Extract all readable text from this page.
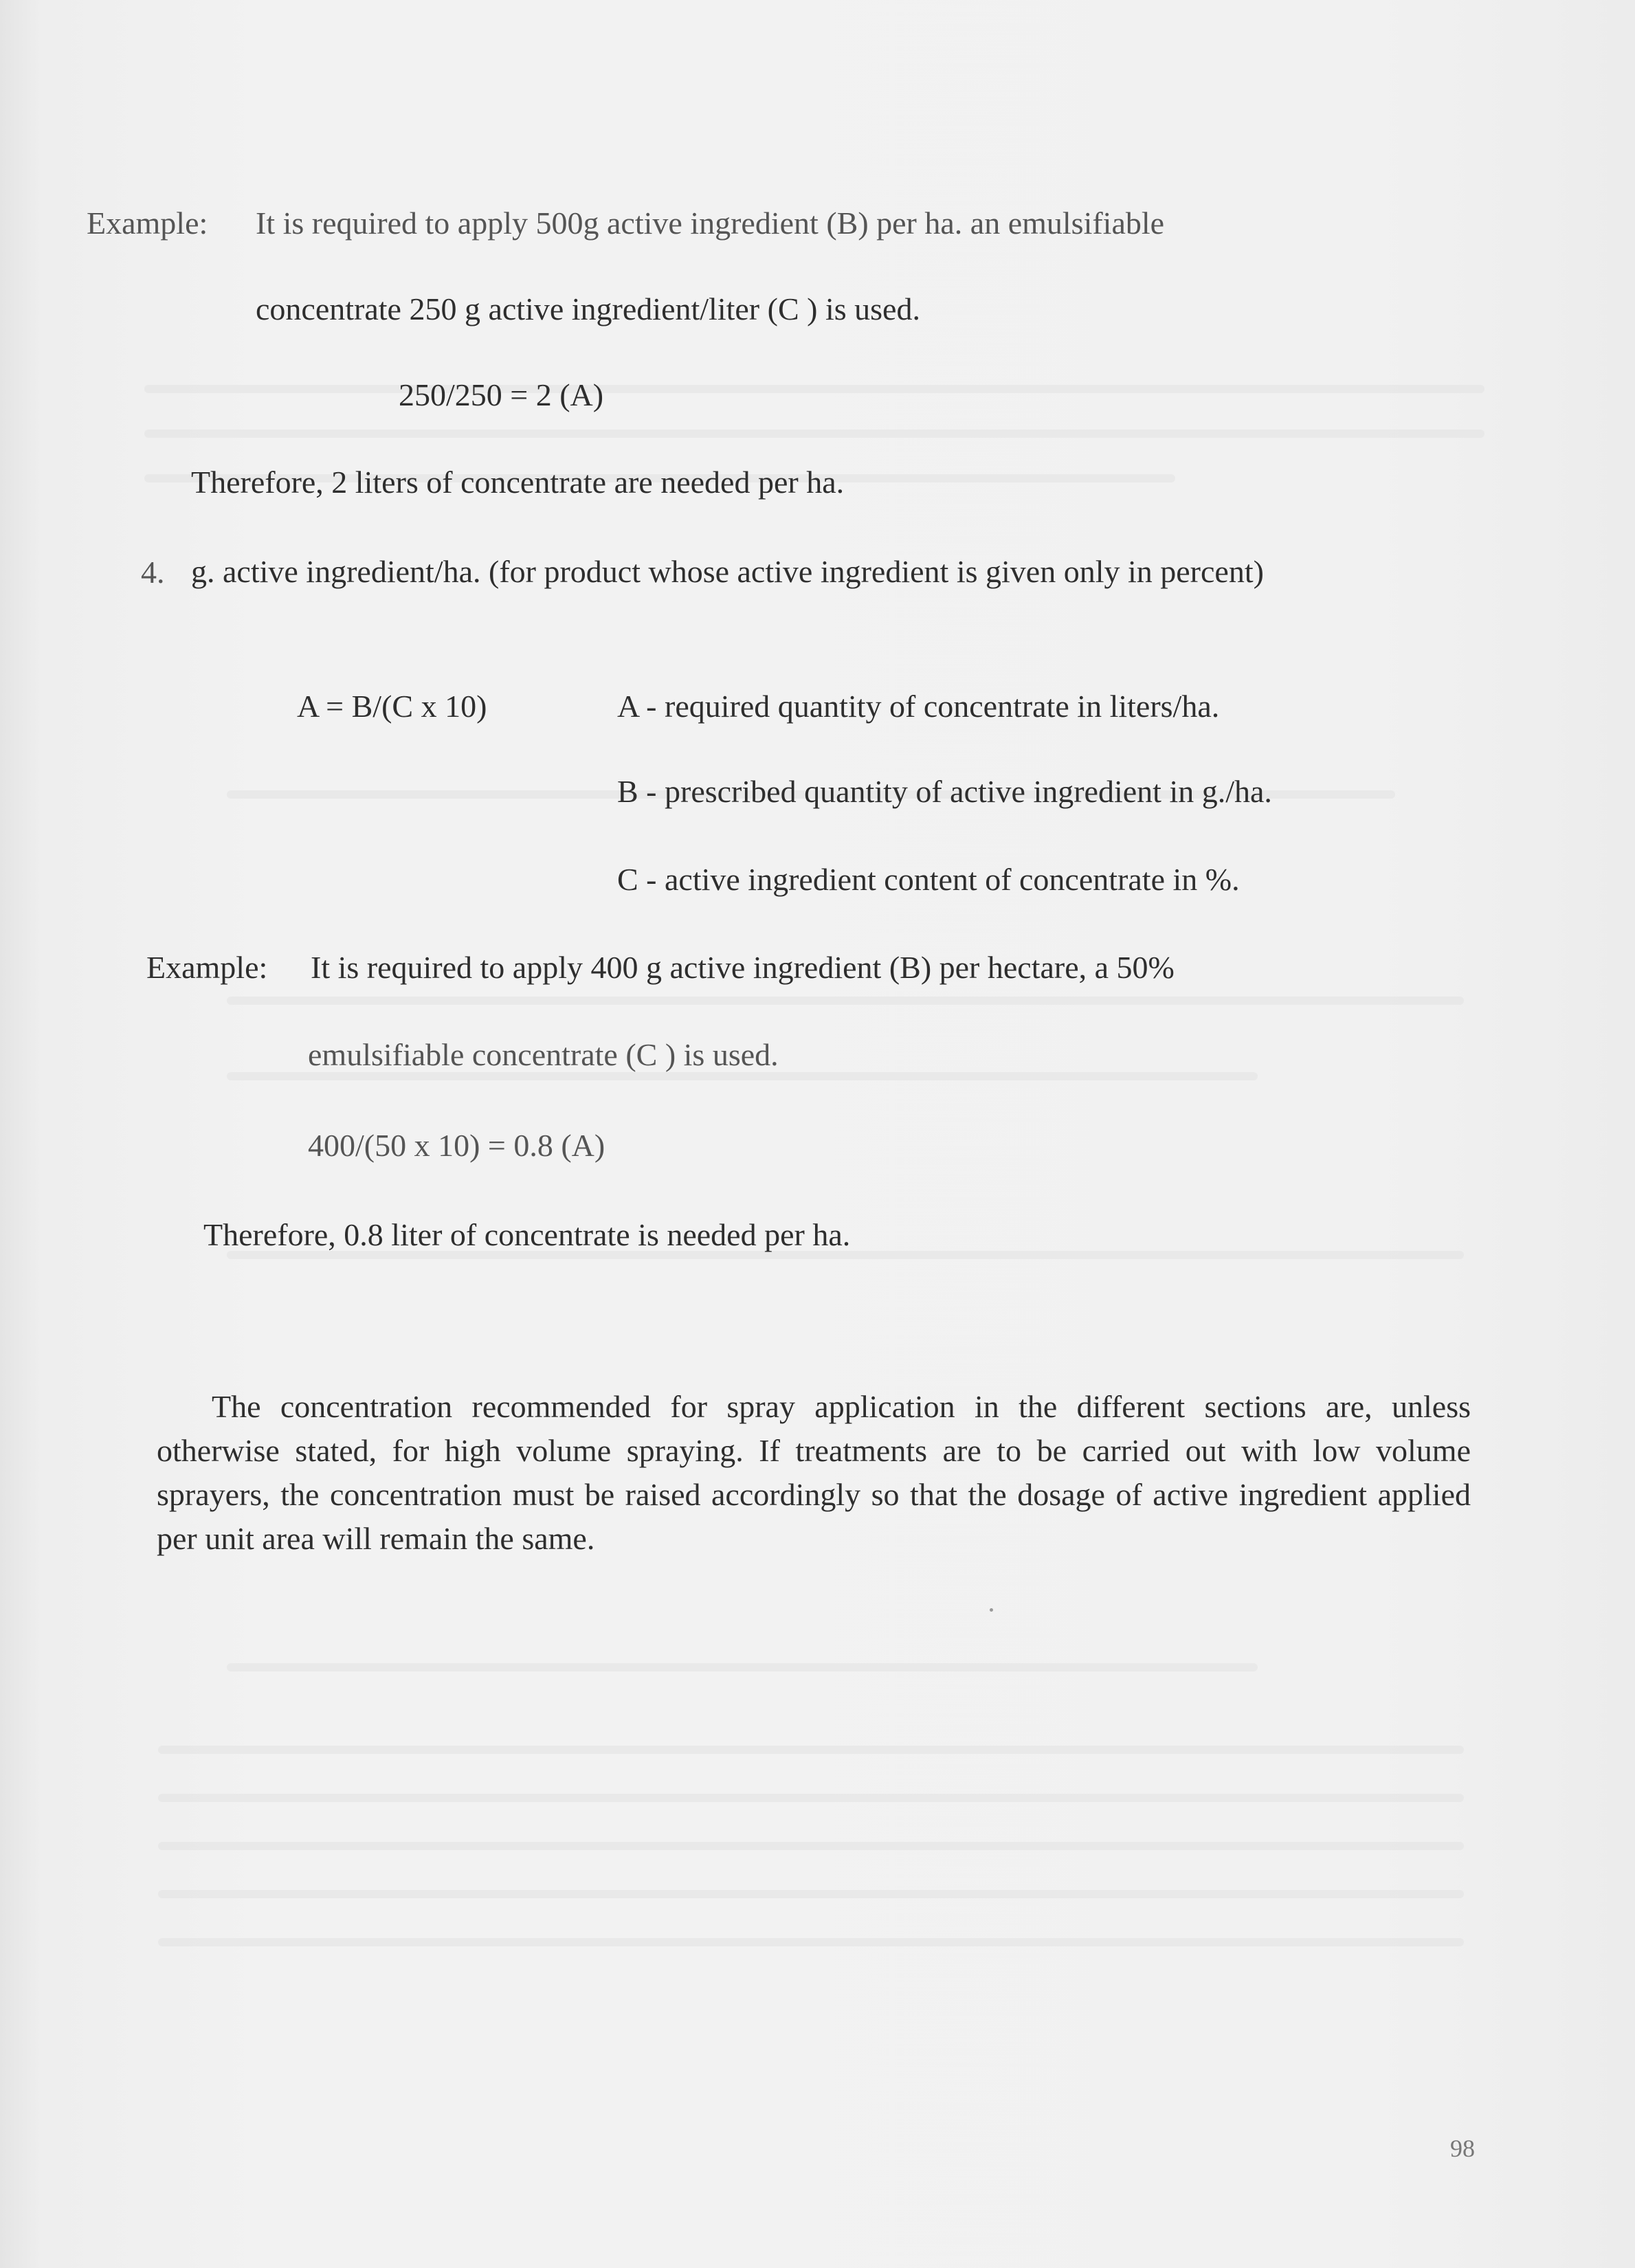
Example: It is required to apply 500g active ingredient (B) per ha. an emulsifiable
concentrate 250 g active ingredient/liter (C ) is used.
250/250 = 2 (A)
Therefore, 2 liters of concentrate are needed per ha.
4. g. active ingredient/ha. (for product whose active ingredient is given only in percent)
A = B/(C x 10)	A - required quantity of concentrate in liters/ha.
B - prescribed quantity of active ingredient in g./ha.
C - active ingredient content of concentrate in %.
Example: It is required to apply 400 g active ingredient (B) per hectare, a 50%
emulsifiable concentrate (C ) is used.
400/(50 x 10) = 0.8 (A)
Therefore, 0.8 liter of concentrate is needed per ha.
The concentration recommended for spray application in the different sections are, unless otherwise stated, for high volume spraying. If treatments are to be carried out with low volume sprayers, the concentration must be raised accordingly so that the dosage of active ingredient applied per unit area will remain the same.
98
